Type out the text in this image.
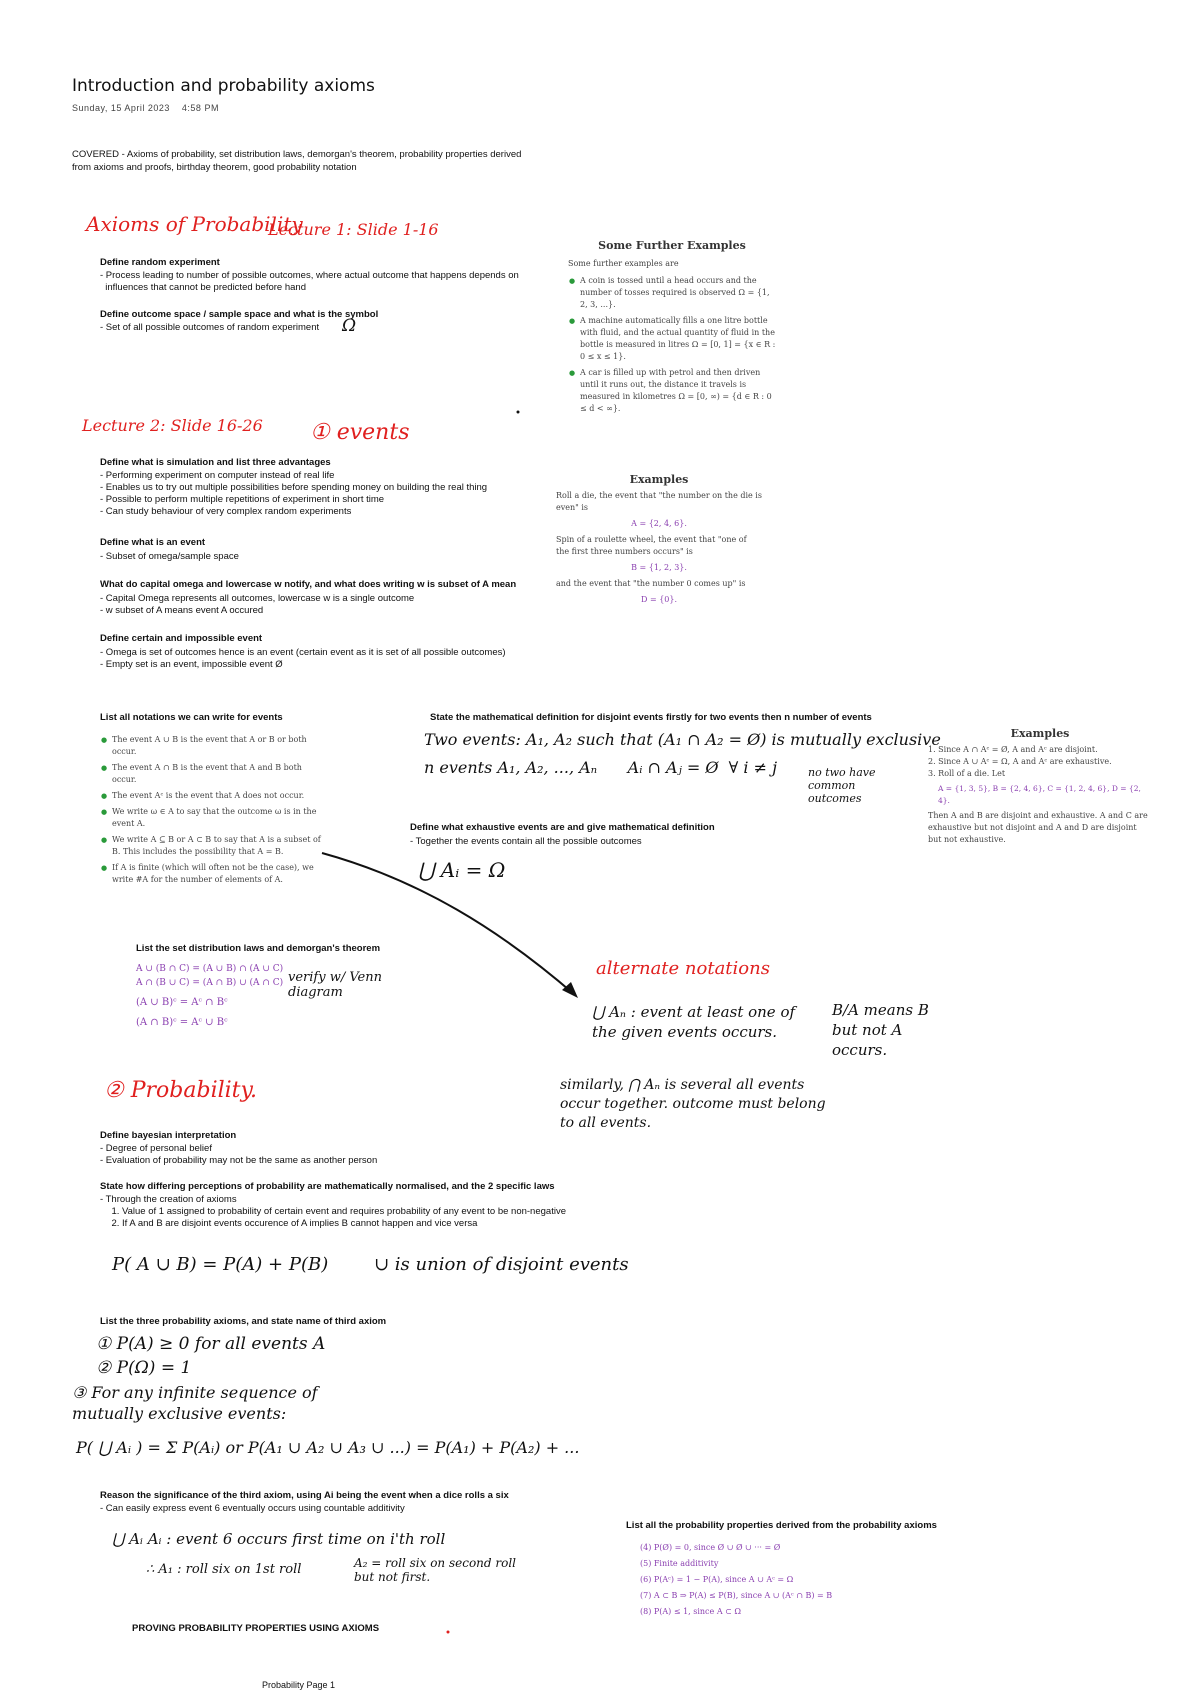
Introduction and probability axioms
Sunday, 15 April 2023 4:58 PM
COVERED - Axioms of probability, set distribution laws, demorgan's theorem, probability properties derived from axioms and proofs, birthday theorem, good probability notation
Axioms of Probability
Lecture 1: Slide 1-16
Define random experiment
- Process leading to number of possible outcomes, where actual outcome that happens depends on
influences that cannot be predicted before hand
Define outcome space / sample space and what is the symbol
- Set of all possible outcomes of random experiment Ω
Some Further Examples
Some further examples are
● A coin is tossed until a head occurs and the number of tosses required is observed Ω = {1, 2, 3, ...}.
● A machine automatically fills a one litre bottle with fluid, and the actual quantity of fluid in the bottle is measured in litres Ω = [0, 1] = {x ∈ R : 0 ≤ x ≤ 1}.
● A car is filled up with petrol and then driven until it runs out, the distance it travels is measured in kilometres Ω = [0, ∞) = {d ∈ R : 0 ≤ d < ∞}.
Lecture 2: Slide 16-26 ① events
Define what is simulation and list three advantages
- Performing experiment on computer instead of real life
- Enables us to try out multiple possibilities before spending money on building the real thing
- Possible to perform multiple repetitions of experiment in short time
- Can study behaviour of very complex random experiments
Define what is an event
- Subset of omega/sample space
What do capital omega and lowercase w notify, and what does writing w is subset of A mean
- Capital Omega represents all outcomes, lowercase w is a single outcome
- w subset of A means event A occured
Define certain and impossible event
- Omega is set of outcomes hence is an event (certain event as it is set of all possible outcomes)
- Empty set is an event, impossible event Ø
Examples
Roll a die, the event that "the number on the die is even" is
A = {2, 4, 6}.
Spin of a roulette wheel, the event that "one of the first three numbers occurs" is
B = {1, 2, 3}.
and the event that "the number 0 comes up" is
D = {0}.
List all notations we can write for events
● The event A ∪ B is the event that A or B or both occur.
● The event A ∩ B is the event that A and B both occur.
● The event Aᶜ is the event that A does not occur.
● We write ω ∈ A to say that the outcome ω is in the event A.
● We write A ⊆ B or A ⊂ B to say that A is a subset of B. This includes the possibility that A = B.
● If A is finite (which will often not be the case), we write #A for the number of elements of A.
State the mathematical definition for disjoint events firstly for two events then n number of events
Two events: A₁, A₂ such that (A₁ ∩ A₂ = Ø) is mutually exclusive
n events A₁, A₂, ..., Aₙ      Aᵢ ∩ Aⱼ = Ø  ∀ i ≠ j	no two have common outcomes
Define what exhaustive events are and give mathematical definition
- Together the events contain all the possible outcomes
⋃ Aᵢ = Ω
Examples
1. Since A ∩ Aᶜ = Ø, A and Aᶜ are disjoint.
2. Since A ∪ Aᶜ = Ω, A and Aᶜ are exhaustive.
3. Roll of a die. Let
A = {1, 3, 5}, B = {2, 4, 6}, C = {1, 2, 4, 6}, D = {2, 4}.
Then A and B are disjoint and exhaustive. A and C are exhaustive but not disjoint and A and D are disjoint but not exhaustive.
List the set distribution laws and demorgan's theorem
A ∪ (B ∩ C) = (A ∪ B) ∩ (A ∪ C)
A ∩ (B ∪ C) = (A ∩ B) ∪ (A ∩ C)
(A ∪ B)ᶜ = Aᶜ ∩ Bᶜ
(A ∩ B)ᶜ = Aᶜ ∪ Bᶜ
verify w/ Venn diagram
alternate notations
⋃ Aₙ : event at least one of the given events occurs.
B/A means B but not A occurs.
similarly, ⋂ Aₙ is several all events occur together. outcome must belong to all events.
② Probability.
Define bayesian interpretation
- Degree of personal belief
- Evaluation of probability may not be the same as another person
State how differing perceptions of probability are mathematically normalised, and the 2 specific laws
- Through the creation of axioms
1. Value of 1 assigned to probability of certain event and requires probability of any event to be non-negative
2. If A and B are disjoint events occurence of A implies B cannot happen and vice versa
P( A ∪ B) = P(A) + P(B)        ∪ is union of disjoint events
List the three probability axioms, and state name of third axiom
① P(A) ≥ 0 for all events A
② P(Ω) = 1
③ For any infinite sequence of mutually exclusive events:
P( ⋃ Aᵢ ) = Σ P(Aᵢ) or P(A₁ ∪ A₂ ∪ A₃ ∪ ...) = P(A₁) + P(A₂) + ...
Reason the significance of the third axiom, using Ai being the event when a dice rolls a six
- Can easily express event 6 eventually occurs using countable additivity
⋃ Aᵢ Aᵢ : event 6 occurs first time on i'th roll
∴ A₁ : roll six on 1st roll	A₂ = roll six on second roll but not first.
List all the probability properties derived from the probability axioms
(4) P(Ø) = 0, since Ø ∪ Ø ∪ ··· = Ø
(5) Finite additivity
(6) P(Aᶜ) = 1 − P(A), since A ∪ Aᶜ = Ω
(7) A ⊂ B ⇒ P(A) ≤ P(B), since A ∪ (Aᶜ ∩ B) = B
(8) P(A) ≤ 1, since A ⊂ Ω
PROVING PROBABILITY PROPERTIES USING AXIOMS
Probability Page 1
